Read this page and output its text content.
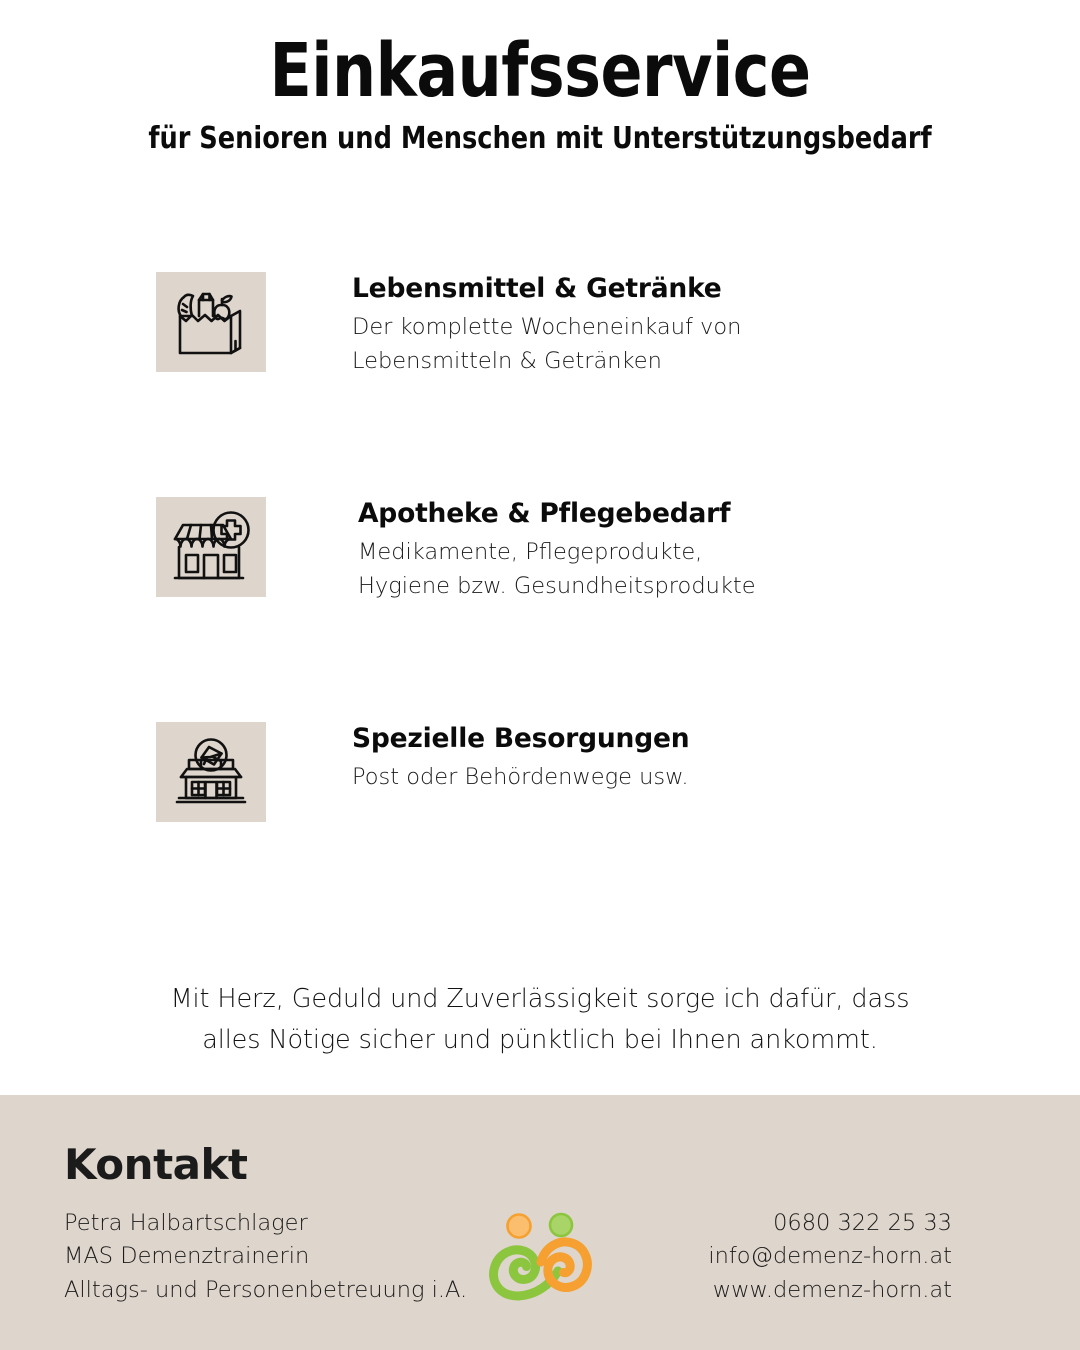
Einkaufsservice
für Senioren und Menschen mit Unterstützungsbedarf

Lebensmittel & Getränke

Der komplette Wocheneinkauf von

Lebensmitteln & Getränken

Apotheke & Pflegebedarf

Medikamente, Pflegeprodukte,

Hygiene bzw. Gesundheitsprodukte

Spezielle Besorgungen

Post oder Behördenwege usw.

Mit Herz, Geduld und Zuverlässigkeit sorge ich dafür, dass
alles Nötige sicher und pünktlich bei Ihnen ankommt.
Kontakt
Petra Halbartschlager
MAS Demenztrainerin
Alltags- und Personenbetreuung i.A.
0680 322 25 33
info@demenz-horn.at
www.demenz-horn.at
